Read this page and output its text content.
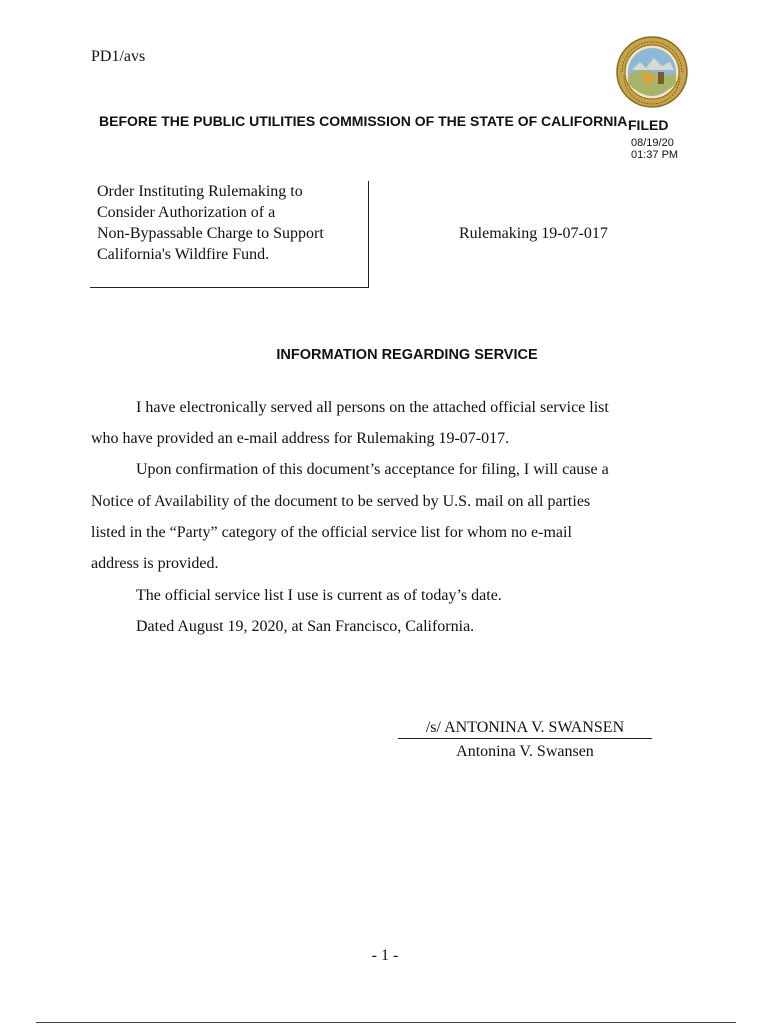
PD1/avs
BEFORE THE PUBLIC UTILITIES COMMISSION OF THE STATE OF CALIFORNIA FILED
08/19/20
01:37 PM
Order Instituting Rulemaking to
Consider Authorization of a
Non-Bypassable Charge to Support
California's Wildfire Fund.
Rulemaking 19-07-017
INFORMATION REGARDING SERVICE
I have electronically served all persons on the attached official service list
who have provided an e-mail address for Rulemaking 19-07-017.
Upon confirmation of this document’s acceptance for filing, I will cause a
Notice of Availability of the document to be served by U.S. mail on all parties
listed in the “Party” category of the official service list for whom no e-mail
address is provided.
The official service list I use is current as of today’s date.
Dated August 19, 2020, at San Francisco, California.
/s/ ANTONINA V. SWANSEN
Antonina V. Swansen
- 1 -
